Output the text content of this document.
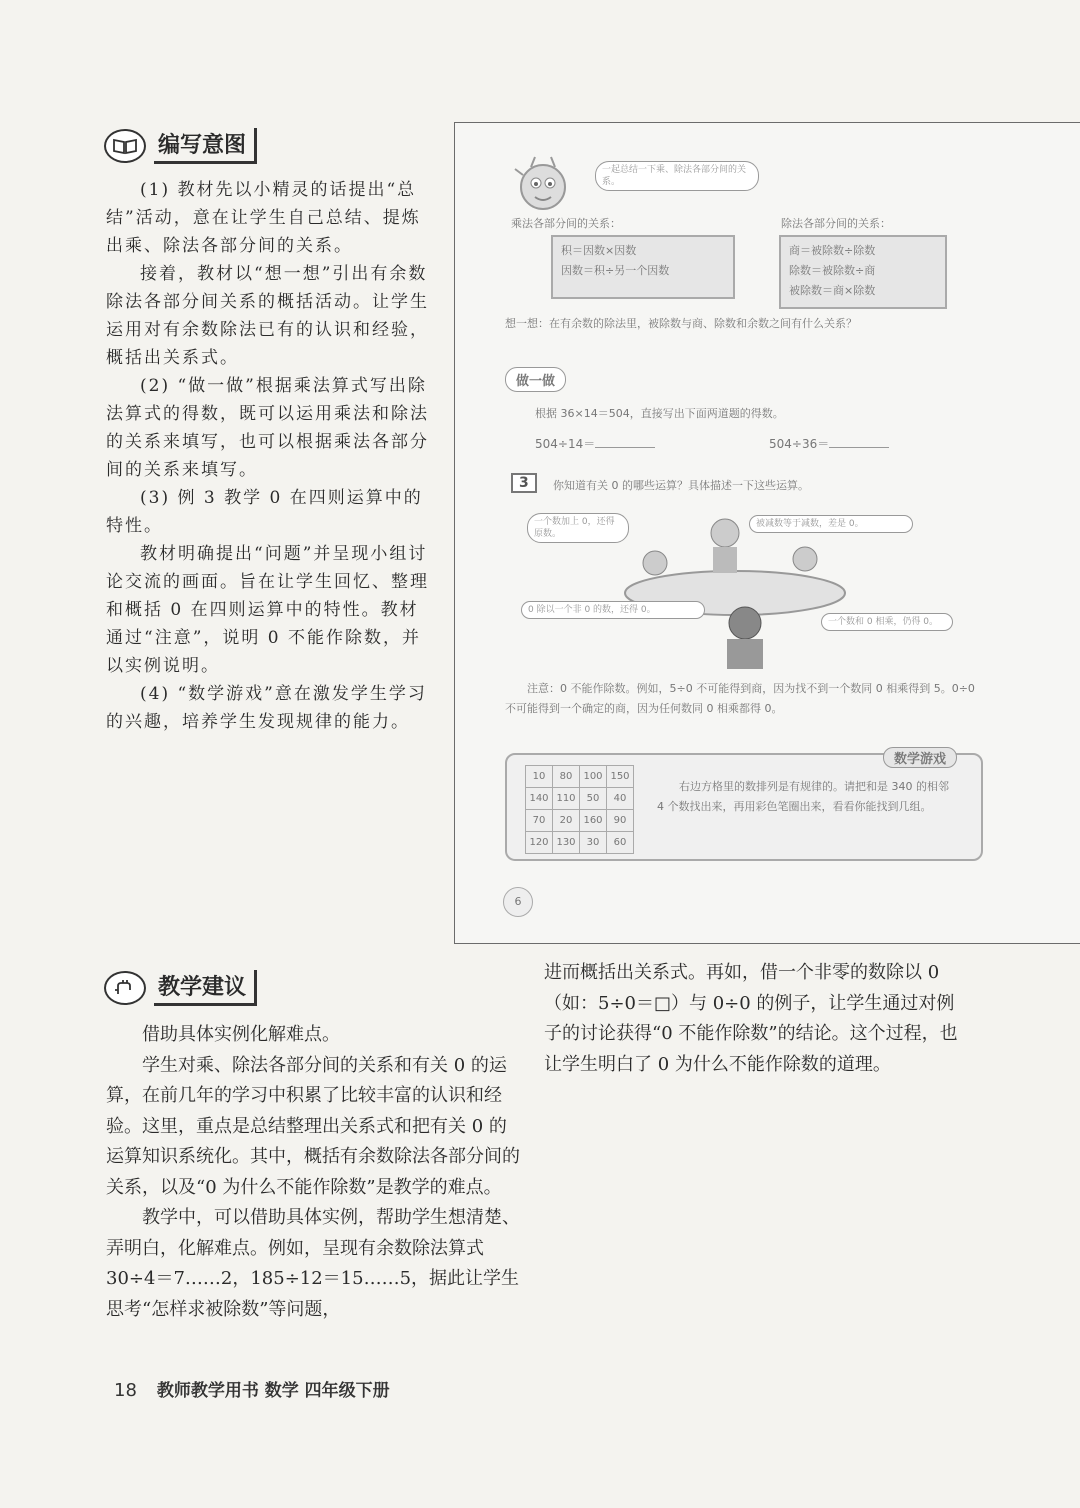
编写意图

(1) 教材先以小精灵的话提出“总结”活动，意在让学生自己总结、提炼出乘、除法各部分间的关系。

接着，教材以“想一想”引出有余数除法各部分间关系的概括活动。让学生运用对有余数除法已有的认识和经验，概括出关系式。

(2) “做一做”根据乘法算式写出除法算式的得数，既可以运用乘法和除法的关系来填写，也可以根据乘法各部分间的关系来填写。

(3) 例 3 教学 0 在四则运算中的特性。

教材明确提出“问题”并呈现小组讨论交流的画面。旨在让学生回忆、整理和概括 0 在四则运算中的特性。教材通过“注意”，说明 0 不能作除数，并以实例说明。

(4) “数学游戏”意在激发学生学习的兴趣，培养学生发现规律的能力。

一起总结一下乘、除法各部分间的关系。
乘法各部分间的关系：
积＝因数×因数
因数＝积÷另一个因数
除法各部分间的关系：
商＝被除数÷除数
除数＝被除数÷商
被除数＝商×除数
想一想：在有余数的除法里，被除数与商、除数和余数之间有什么关系？
做一做
根据 36×14＝504，直接写出下面两道题的得数。
504÷14＝	504÷36＝
3	你知道有关 0 的哪些运算？具体描述一下这些运算。
一个数加上 0，还得原数。
被减数等于减数，差是 0。
0 除以一个非 0 的数，还得 0。
一个数和 0 相乘，仍得 0。
注意：0 不能作除数。例如，5÷0 不可能得到商，因为找不到一个数同 0 相乘得到 5。0÷0 不可能得到一个确定的商，因为任何数同 0 相乘都得 0。
数学游戏
10	80	100	150
140	110	50	40
70	20	160	90
120	130	30	60
右边方格里的数排列是有规律的。请把和是 340 的相邻 4 个数找出来，再用彩色笔圈出来，看看你能找到几组。
6
教学建议

借助具体实例化解难点。

学生对乘、除法各部分间的关系和有关 0 的运算，在前几年的学习中积累了比较丰富的认识和经验。这里，重点是总结整理出关系式和把有关 0 的运算知识系统化。其中，概括有余数除法各部分间的关系，以及“0 为什么不能作除数”是教学的难点。

教学中，可以借助具体实例，帮助学生想清楚、弄明白，化解难点。例如，呈现有余数除法算式 30÷4＝7……2，185÷12＝15……5，据此让学生思考“怎样求被除数”等问题，

进而概括出关系式。再如，借一个非零的数除以 0（如：5÷0＝□）与 0÷0 的例子，让学生通过对例子的讨论获得“0 不能作除数”的结论。这个过程，也让学生明白了 0 为什么不能作除数的道理。

18 教师教学用书 数学 四年级下册
